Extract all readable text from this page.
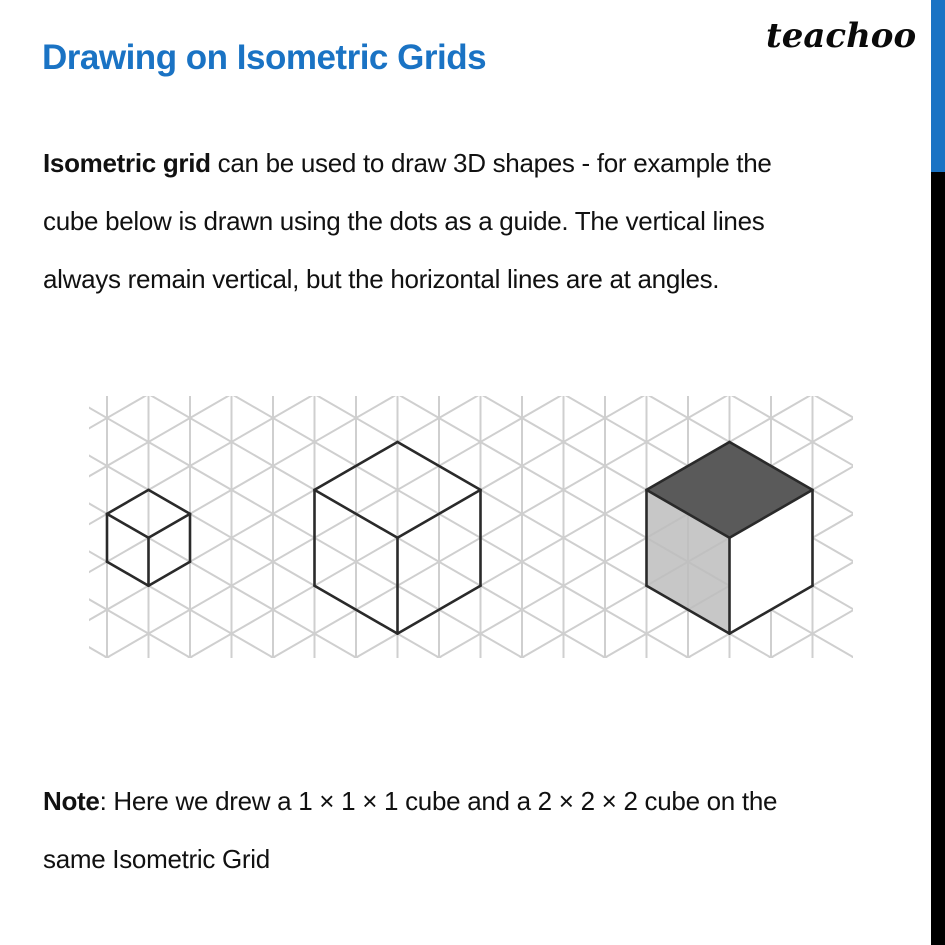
Drawing on Isometric Grids
teachoo
Isometric grid can be used to draw 3D shapes - for example the
cube below is drawn using the dots as a guide. The vertical lines
always remain vertical, but the horizontal lines are at angles.
Note: Here we drew a 1 × 1 × 1 cube and a 2 × 2 × 2 cube on the
same Isometric Grid
